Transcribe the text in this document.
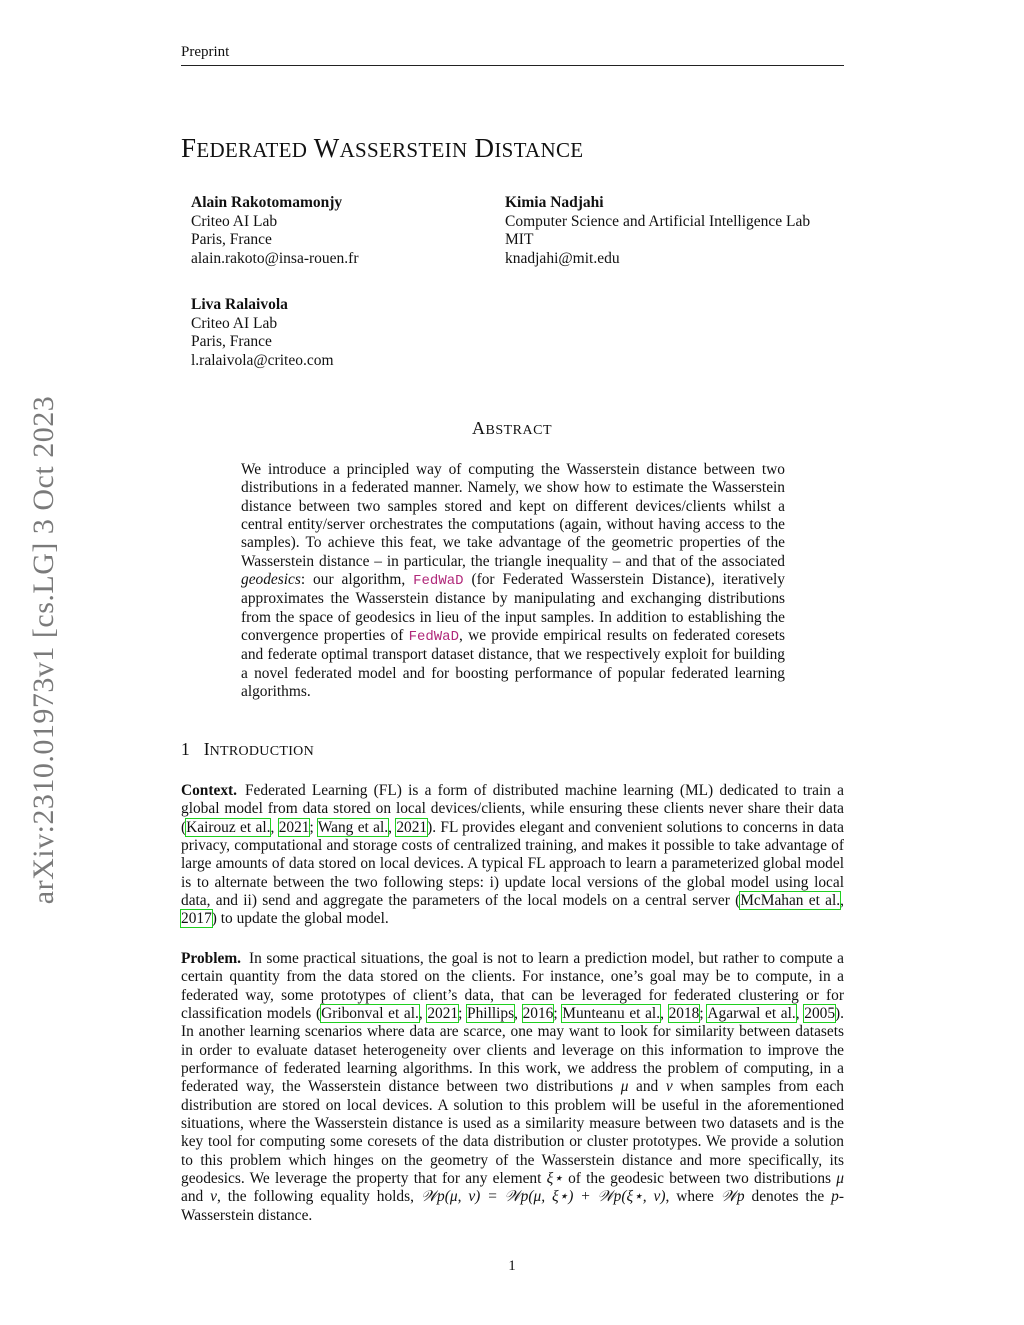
Preprint
arXiv:2310.01973v1 [cs.LG] 3 Oct 2023
FEDERATED WASSERSTEIN DISTANCE
Alain Rakotomamonjy
Criteo AI Lab
Paris, France
alain.rakoto@insa-rouen.fr
Kimia Nadjahi
Computer Science and Artificial Intelligence Lab
MIT
knadjahi@mit.edu
Liva Ralaivola
Criteo AI Lab
Paris, France
l.ralaivola@criteo.com
ABSTRACT
We introduce a principled way of computing the Wasserstein distance between two distributions in a federated manner. Namely, we show how to estimate the Wasserstein distance between two samples stored and kept on different devices/clients whilst a central entity/server orchestrates the computations (again, without having access to the samples). To achieve this feat, we take advantage of the geometric properties of the Wasserstein distance – in particular, the triangle inequality – and that of the associated geodesics: our algorithm, FedWaD (for Federated Wasserstein Distance), iteratively approximates the Wasserstein distance by manipulating and exchanging distributions from the space of geodesics in lieu of the input samples. In addition to establishing the convergence properties of FedWaD, we provide empirical results on federated coresets and federate optimal transport dataset distance, that we respectively exploit for building a novel federated model and for boosting performance of popular federated learning algorithms.
1 INTRODUCTION
Context. Federated Learning (FL) is a form of distributed machine learning (ML) dedicated to train a global model from data stored on local devices/clients, while ensuring these clients never share their data (Kairouz et al., 2021; Wang et al., 2021). FL provides elegant and convenient solutions to concerns in data privacy, computational and storage costs of centralized training, and makes it possible to take advantage of large amounts of data stored on local devices. A typical FL approach to learn a parameterized global model is to alternate between the two following steps: i) update local versions of the global model using local data, and ii) send and aggregate the parameters of the local models on a central server (McMahan et al., 2017) to update the global model.
Problem. In some practical situations, the goal is not to learn a prediction model, but rather to compute a certain quantity from the data stored on the clients. For instance, one’s goal may be to compute, in a federated way, some prototypes of client’s data, that can be leveraged for federated clustering or for classification models (Gribonval et al., 2021; Phillips, 2016; Munteanu et al., 2018; Agarwal et al., 2005). In another learning scenarios where data are scarce, one may want to look for similarity between datasets in order to evaluate dataset heterogeneity over clients and leverage on this information to improve the performance of federated learning algorithms. In this work, we address the problem of computing, in a federated way, the Wasserstein distance between two distributions μ and ν when samples from each distribution are stored on local devices. A solution to this problem will be useful in the aforementioned situations, where the Wasserstein distance is used as a similarity measure between two datasets and is the key tool for computing some coresets of the data distribution or cluster prototypes. We provide a solution to this problem which hinges on the geometry of the Wasserstein distance and more specifically, its geodesics. We leverage the property that for any element ξ⋆ of the geodesic between two distributions μ and ν, the following equality holds, 𝒲p(μ, ν) = 𝒲p(μ, ξ⋆) + 𝒲p(ξ⋆, ν), where 𝒲p denotes the p-Wasserstein distance.
1
